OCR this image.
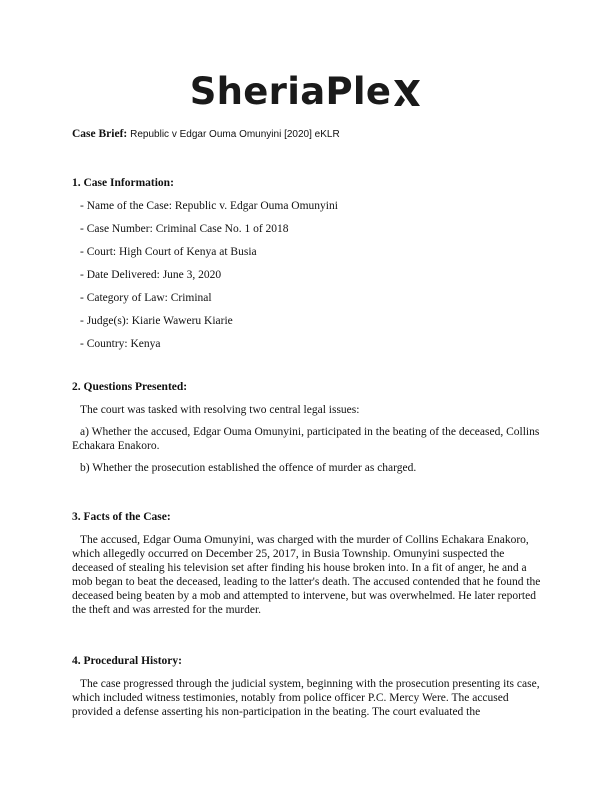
SheriaPle
Case Brief: Republic v Edgar Ouma Omunyini [2020] eKLR
1. Case Information:

- Name of the Case: Republic v. Edgar Ouma Omunyini

- Case Number: Criminal Case No. 1 of 2018

- Court: High Court of Kenya at Busia

- Date Delivered: June 3, 2020

- Category of Law: Criminal

- Judge(s): Kiarie Waweru Kiarie

- Country: Kenya

2. Questions Presented:

The court was tasked with resolving two central legal issues:

a) Whether the accused, Edgar Ouma Omunyini, participated in the beating of the deceased, Collins Echakara Enakoro.

b) Whether the prosecution established the offence of murder as charged.

3. Facts of the Case:

The accused, Edgar Ouma Omunyini, was charged with the murder of Collins Echakara Enakoro, which allegedly occurred on December 25, 2017, in Busia Township. Omunyini suspected the deceased of stealing his television set after finding his house broken into. In a fit of anger, he and a mob began to beat the deceased, leading to the latter's death. The accused contended that he found the deceased being beaten by a mob and attempted to intervene, but was overwhelmed. He later reported the theft and was arrested for the murder.

4. Procedural History:

The case progressed through the judicial system, beginning with the prosecution presenting its case, which included witness testimonies, notably from police officer P.C. Mercy Were. The accused provided a defense asserting his non-participation in the beating. The court evaluated the
